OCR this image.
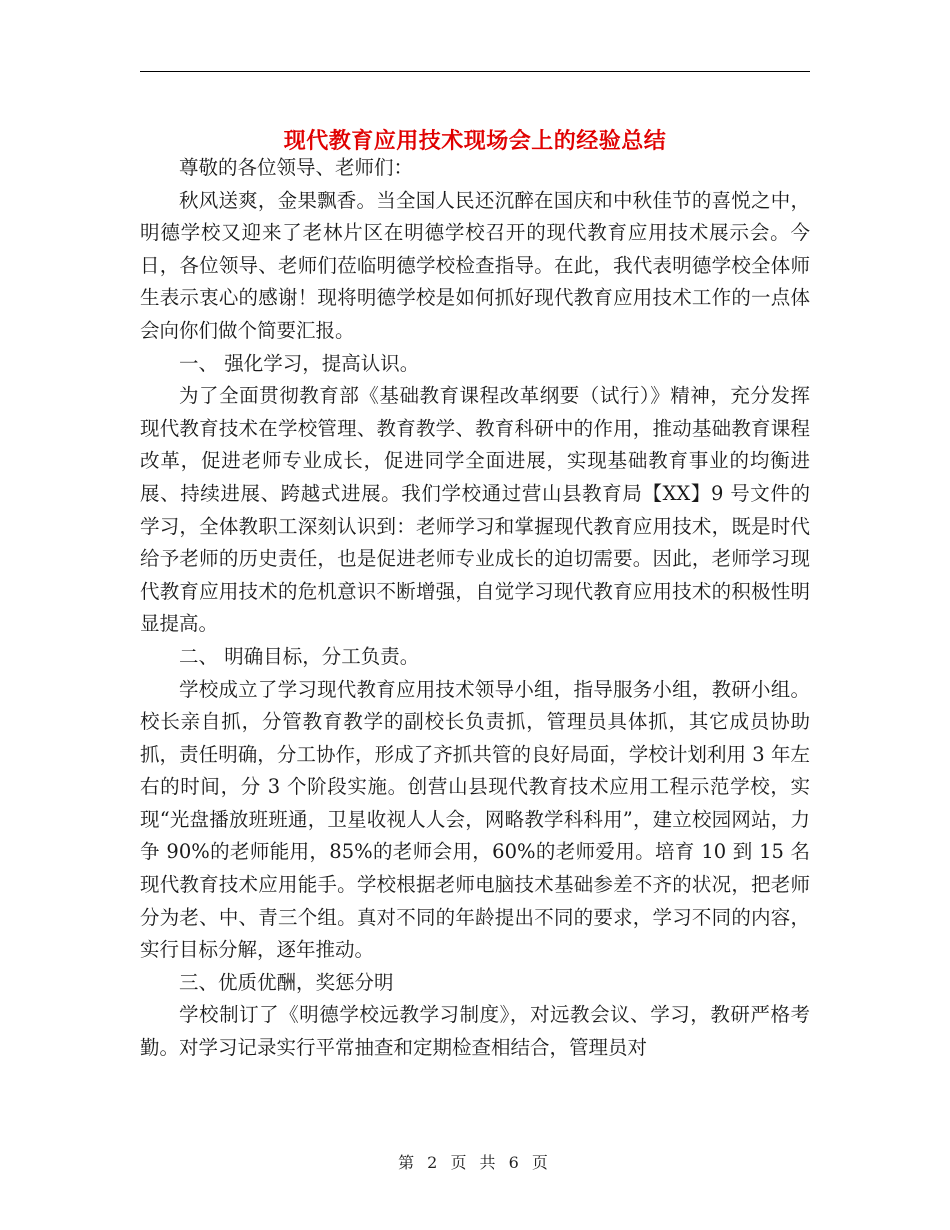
现代教育应用技术现场会上的经验总结

尊敬的各位领导、老师们：

秋风送爽，金果飘香。当全国人民还沉醉在国庆和中秋佳节的喜悦之中，明德学校又迎来了老林片区在明德学校召开的现代教育应用技术展示会。今日，各位领导、老师们莅临明德学校检查指导。在此，我代表明德学校全体师生表示衷心的感谢！现将明德学校是如何抓好现代教育应用技术工作的一点体会向你们做个简要汇报。

一、 强化学习，提高认识。

为了全面贯彻教育部《基础教育课程改革纲要（试行）》精神，充分发挥现代教育技术在学校管理、教育教学、教育科研中的作用，推动基础教育课程改革，促进老师专业成长，促进同学全面进展，实现基础教育事业的均衡进展、持续进展、跨越式进展。我们学校通过营山县教育局【XX】9 号文件的学习，全体教职工深刻认识到：老师学习和掌握现代教育应用技术，既是时代给予老师的历史责任，也是促进老师专业成长的迫切需要。因此，老师学习现代教育应用技术的危机意识不断增强，自觉学习现代教育应用技术的积极性明显提高。

二、 明确目标，分工负责。

学校成立了学习现代教育应用技术领导小组，指导服务小组，教研小组。校长亲自抓，分管教育教学的副校长负责抓，管理员具体抓，其它成员协助抓，责任明确，分工协作，形成了齐抓共管的良好局面，学校计划利用 3 年左右的时间，分 3 个阶段实施。创营山县现代教育技术应用工程示范学校，实现“光盘播放班班通，卫星收视人人会，网略教学科科用”，建立校园网站，力争 90%的老师能用，85%的老师会用，60%的老师爱用。培育 10 到 15 名现代教育技术应用能手。学校根据老师电脑技术基础参差不齐的状况，把老师分为老、中、青三个组。真对不同的年龄提出不同的要求，学习不同的内容，实行目标分解，逐年推动。

三、优质优酬，奖惩分明

学校制订了《明德学校远教学习制度》，对远教会议、学习，教研严格考勤。对学习记录实行平常抽查和定期检查相结合，管理员对

第 2 页 共 6 页
